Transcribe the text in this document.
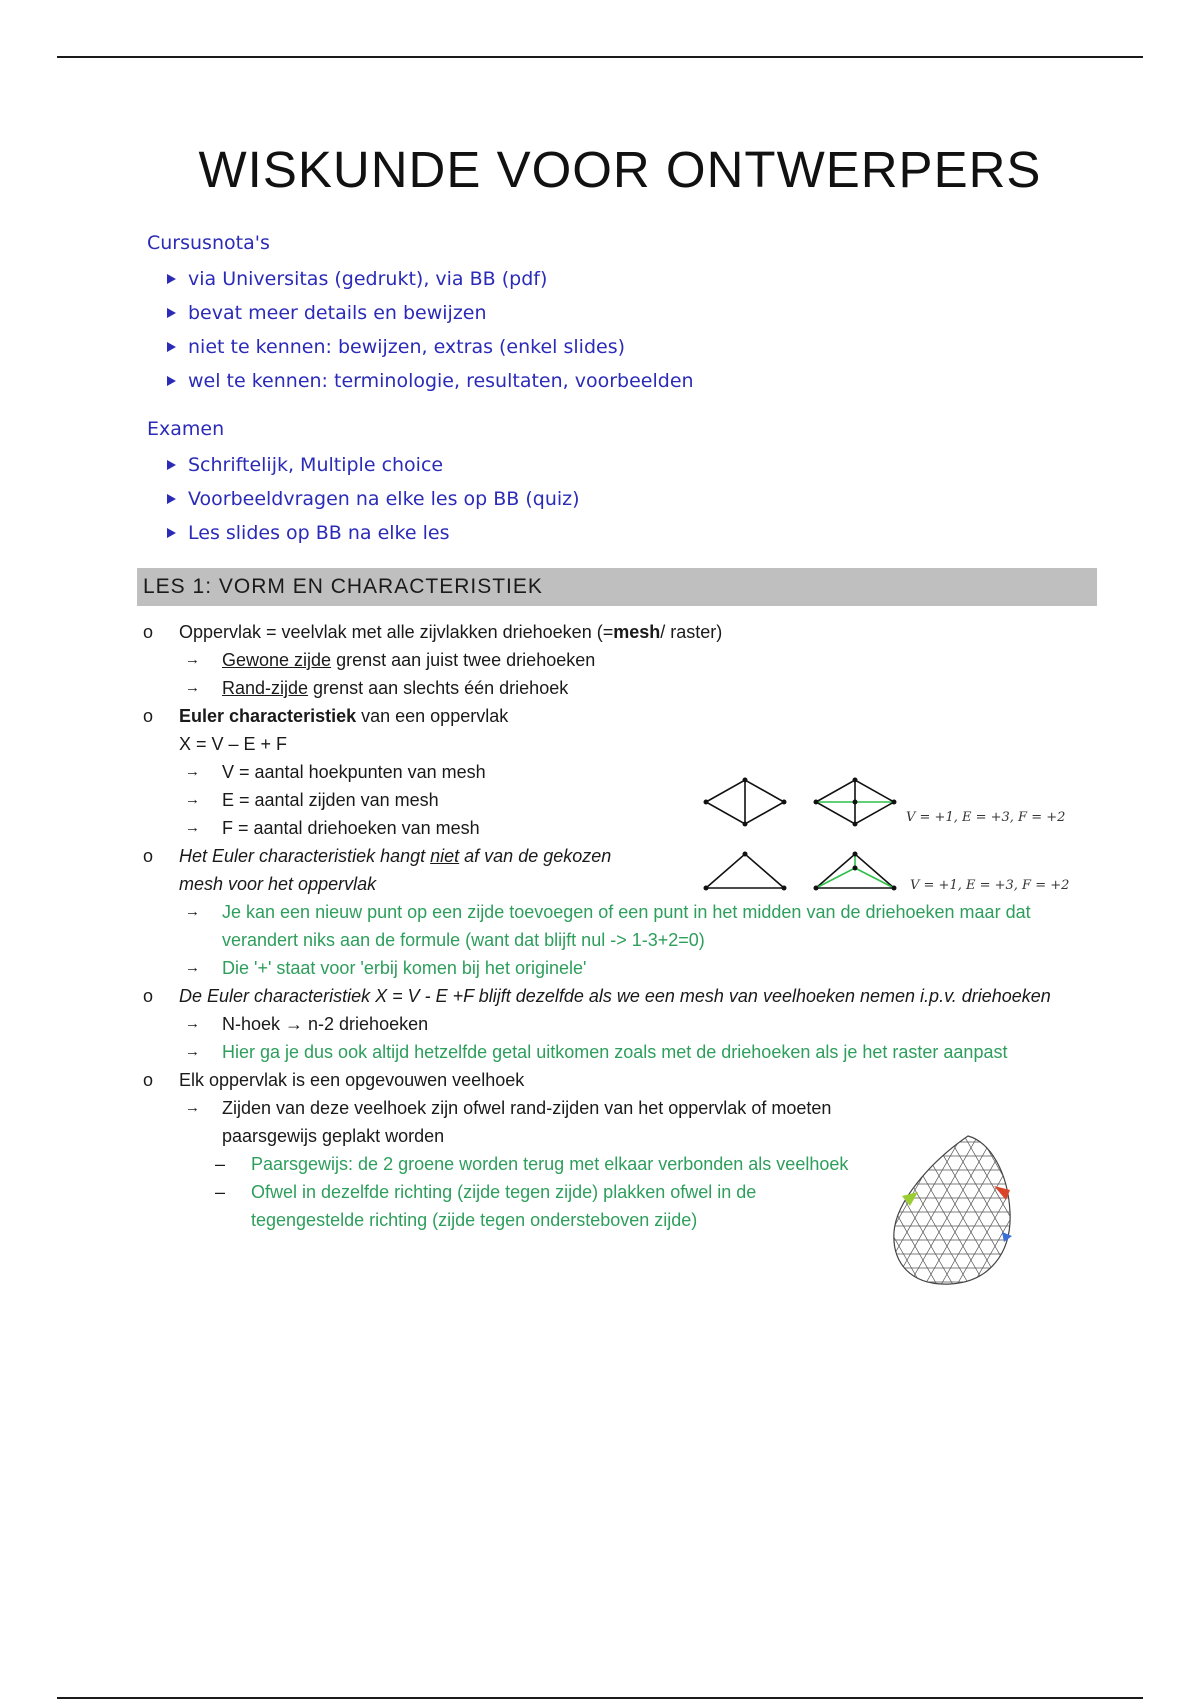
WISKUNDE VOOR ONTWERPERS
Cursusnota's
via Universitas (gedrukt), via BB (pdf)
bevat meer details en bewijzen
niet te kennen: bewijzen, extras (enkel slides)
wel te kennen: terminologie, resultaten, voorbeelden
Examen
Schriftelijk, Multiple choice
Voorbeeldvragen na elke les op BB (quiz)
Les slides op BB na elke les
LES 1: VORM EN CHARACTERISTIEK
o Oppervlak = veelvlak met alle zijvlakken driehoeken (=mesh/ raster)
→ Gewone zijde grenst aan juist twee driehoeken
→ Rand-zijde grenst aan slechts één driehoek
o Euler characteristiek van een oppervlak
X = V – E + F
→ V = aantal hoekpunten van mesh
→ E = aantal zijden van mesh
→ F = aantal driehoeken van mesh
o Het Euler characteristiek hangt niet af van de gekozen
mesh voor het oppervlak
→ Je kan een nieuw punt op een zijde toevoegen of een punt in het midden van de driehoeken maar dat verandert niks aan de formule (want dat blijft nul -> 1-3+2=0)
→ Die '+' staat voor 'erbij komen bij het originele'
o De Euler characteristiek X = V - E +F blijft dezelfde als we een mesh van veelhoeken nemen i.p.v. driehoeken
→ N-hoek → n-2 driehoeken
→ Hier ga je dus ook altijd hetzelfde getal uitkomen zoals met de driehoeken als je het raster aanpast
o Elk oppervlak is een opgevouwen veelhoek
→ Zijden van deze veelhoek zijn ofwel rand-zijden van het oppervlak of moeten paarsgewijs geplakt worden
– Paarsgewijs: de 2 groene worden terug met elkaar verbonden als veelhoek
– Ofwel in dezelfde richting (zijde tegen zijde) plakken ofwel in de tegengestelde richting (zijde tegen ondersteboven zijde)
V = +1, E = +3, F = +2
V = +1, E = +3, F = +2
